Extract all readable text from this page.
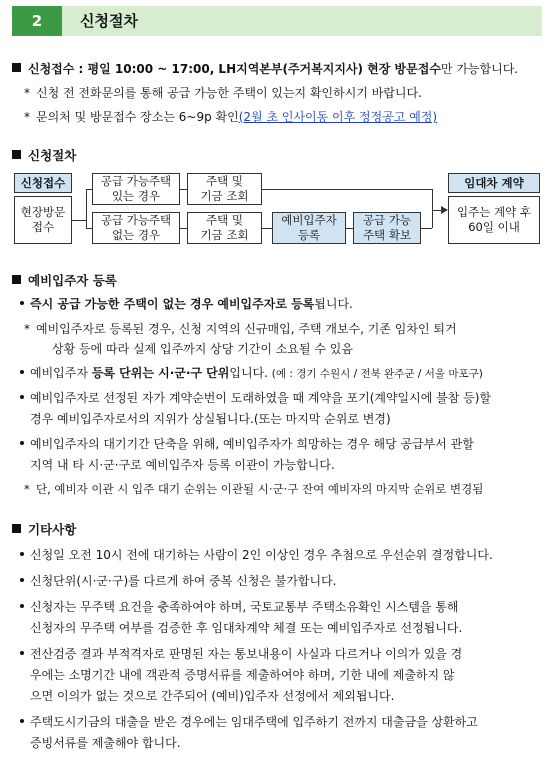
2	신청절차
신청접수 : 평일 10:00 ~ 17:00, LH지역본부(주거복지지사) 현장 방문접수만 가능합니다.
* 신청 전 전화문의를 통해 공급 가능한 주택이 있는지 확인하시기 바랍니다.
* 문의처 및 방문접수 장소는 6~9p 확인(2월 초 인사이동 이후 정정공고 예정)
신청절차
신청접수
현장방문
접수
공급 가능주택
있는 경우
주택 및
기금 조회
공급 가능주택
없는 경우
주택 및
기금 조회
예비입주자
등록
공급 가능
주택 확보
임대차 계약
입주는 계약 후
60일 이내
예비입주자 등록
즉시 공급 가능한 주택이 없는 경우 예비입주자로 등록됩니다.
* 예비입주자로 등록된 경우, 신청 지역의 신규매입, 주택 개보수, 기존 임차인 퇴거
상황 등에 따라 실제 입주까지 상당 기간이 소요될 수 있음
예비입주자 등록 단위는 시·군·구 단위입니다. (예 : 경기 수원시 / 전북 완주군 / 서울 마포구)
예비입주자로 선정된 자가 계약순번이 도래하였을 때 계약을 포기(계약일시에 불참 등)할
경우 예비입주자로서의 지위가 상실됩니다.(또는 마지막 순위로 변경)
예비입주자의 대기기간 단축을 위해, 예비입주자가 희망하는 경우 해당 공급부서 관할
지역 내 타 시·군·구로 예비입주자 등록 이관이 가능합니다.
* 단, 예비자 이관 시 입주 대기 순위는 이관될 시·군·구 잔여 예비자의 마지막 순위로 변경됨
기타사항
신청일 오전 10시 전에 대기하는 사람이 2인 이상인 경우 추첨으로 우선순위 결정합니다.
신청단위(시·군·구)를 다르게 하여 중복 신청은 불가합니다.
신청자는 무주택 요건을 충족하여야 하며, 국토교통부 주택소유확인 시스템을 통해
신청자의 무주택 여부를 검증한 후 임대차계약 체결 또는 예비입주자로 선정됩니다.
전산검증 결과 부적격자로 판명된 자는 통보내용이 사실과 다르거나 이의가 있을 경
우에는 소명기간 내에 객관적 증명서류를 제출하여야 하며, 기한 내에 제출하지 않
으면 이의가 없는 것으로 간주되어 (예비)입주자 선정에서 제외됩니다.
주택도시기금의 대출을 받은 경우에는 임대주택에 입주하기 전까지 대출금을 상환하고
증빙서류를 제출해야 합니다.
